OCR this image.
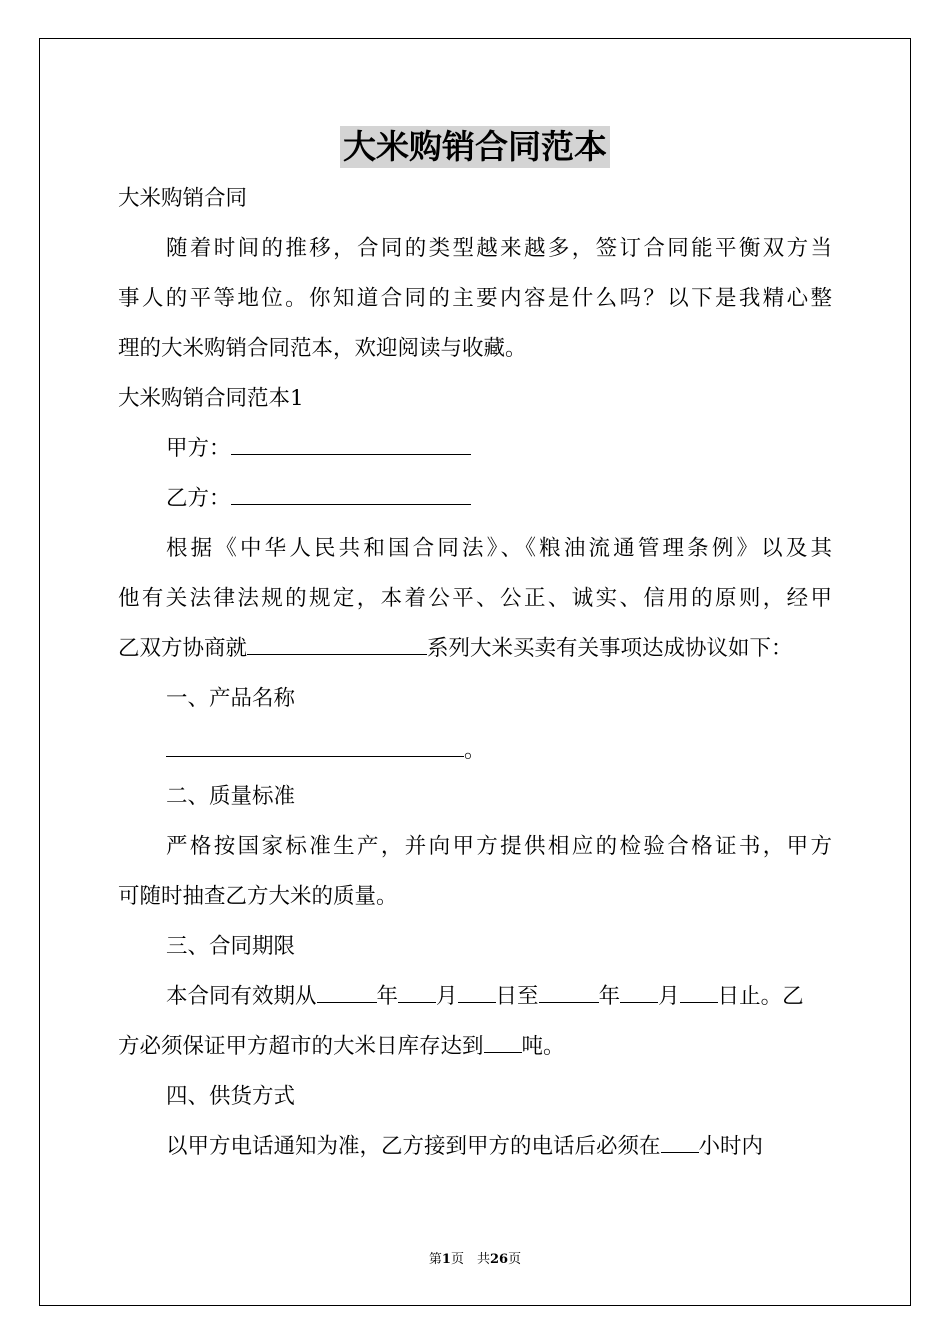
大米购销合同范本
大米购销合同
随着时间的推移，合同的类型越来越多，签订合同能平衡双方当
事人的平等地位。你知道合同的主要内容是什么吗？以下是我精心整
理的大米购销合同范本，欢迎阅读与收藏。
大米购销合同范本1
甲方：
乙方：
根据《中华人民共和国合同法》、《粮油流通管理条例》以及其
他有关法律法规的规定，本着公平、公正、诚实、信用的原则，经甲
乙双方协商就	系列大米买卖有关事项达成协议如下：
一、产品名称
。
二、质量标准
严格按国家标准生产，并向甲方提供相应的检验合格证书，甲方
可随时抽查乙方大米的质量。
三、合同期限
本合同有效期从	年 月 日至	年 月 日止。乙
方必须保证甲方超市的大米日库存达到 吨。
四、供货方式
以甲方电话通知为准，乙方接到甲方的电话后必须在 小时内
第1页　共26页
